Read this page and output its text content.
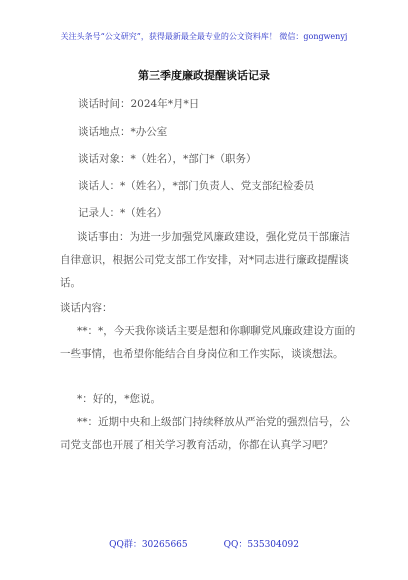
关注头条号“公文研究”，获得最新最全最专业的公文资料库！ 微信：gongwenyj
第三季度廉政提醒谈话记录
谈话时间：2024年*月*日
谈话地点：*办公室
谈话对象：*（姓名），*部门*（职务）
谈话人：*（姓名），*部门负责人、党支部纪检委员
记录人：*（姓名）
谈话事由：为进一步加强党风廉政建设，强化党员干部廉洁自律意识，根据公司党支部工作安排，对*同志进行廉政提醒谈话。
谈话内容：
**：*，今天我你谈话主要是想和你聊聊党风廉政建设方面的一些事情，也希望你能结合自身岗位和工作实际，谈谈想法。
*：好的，*您说。
**：近期中央和上级部门持续释放从严治党的强烈信号，公司党支部也开展了相关学习教育活动，你都在认真学习吧？
QQ群：30265665	QQ：535304092
